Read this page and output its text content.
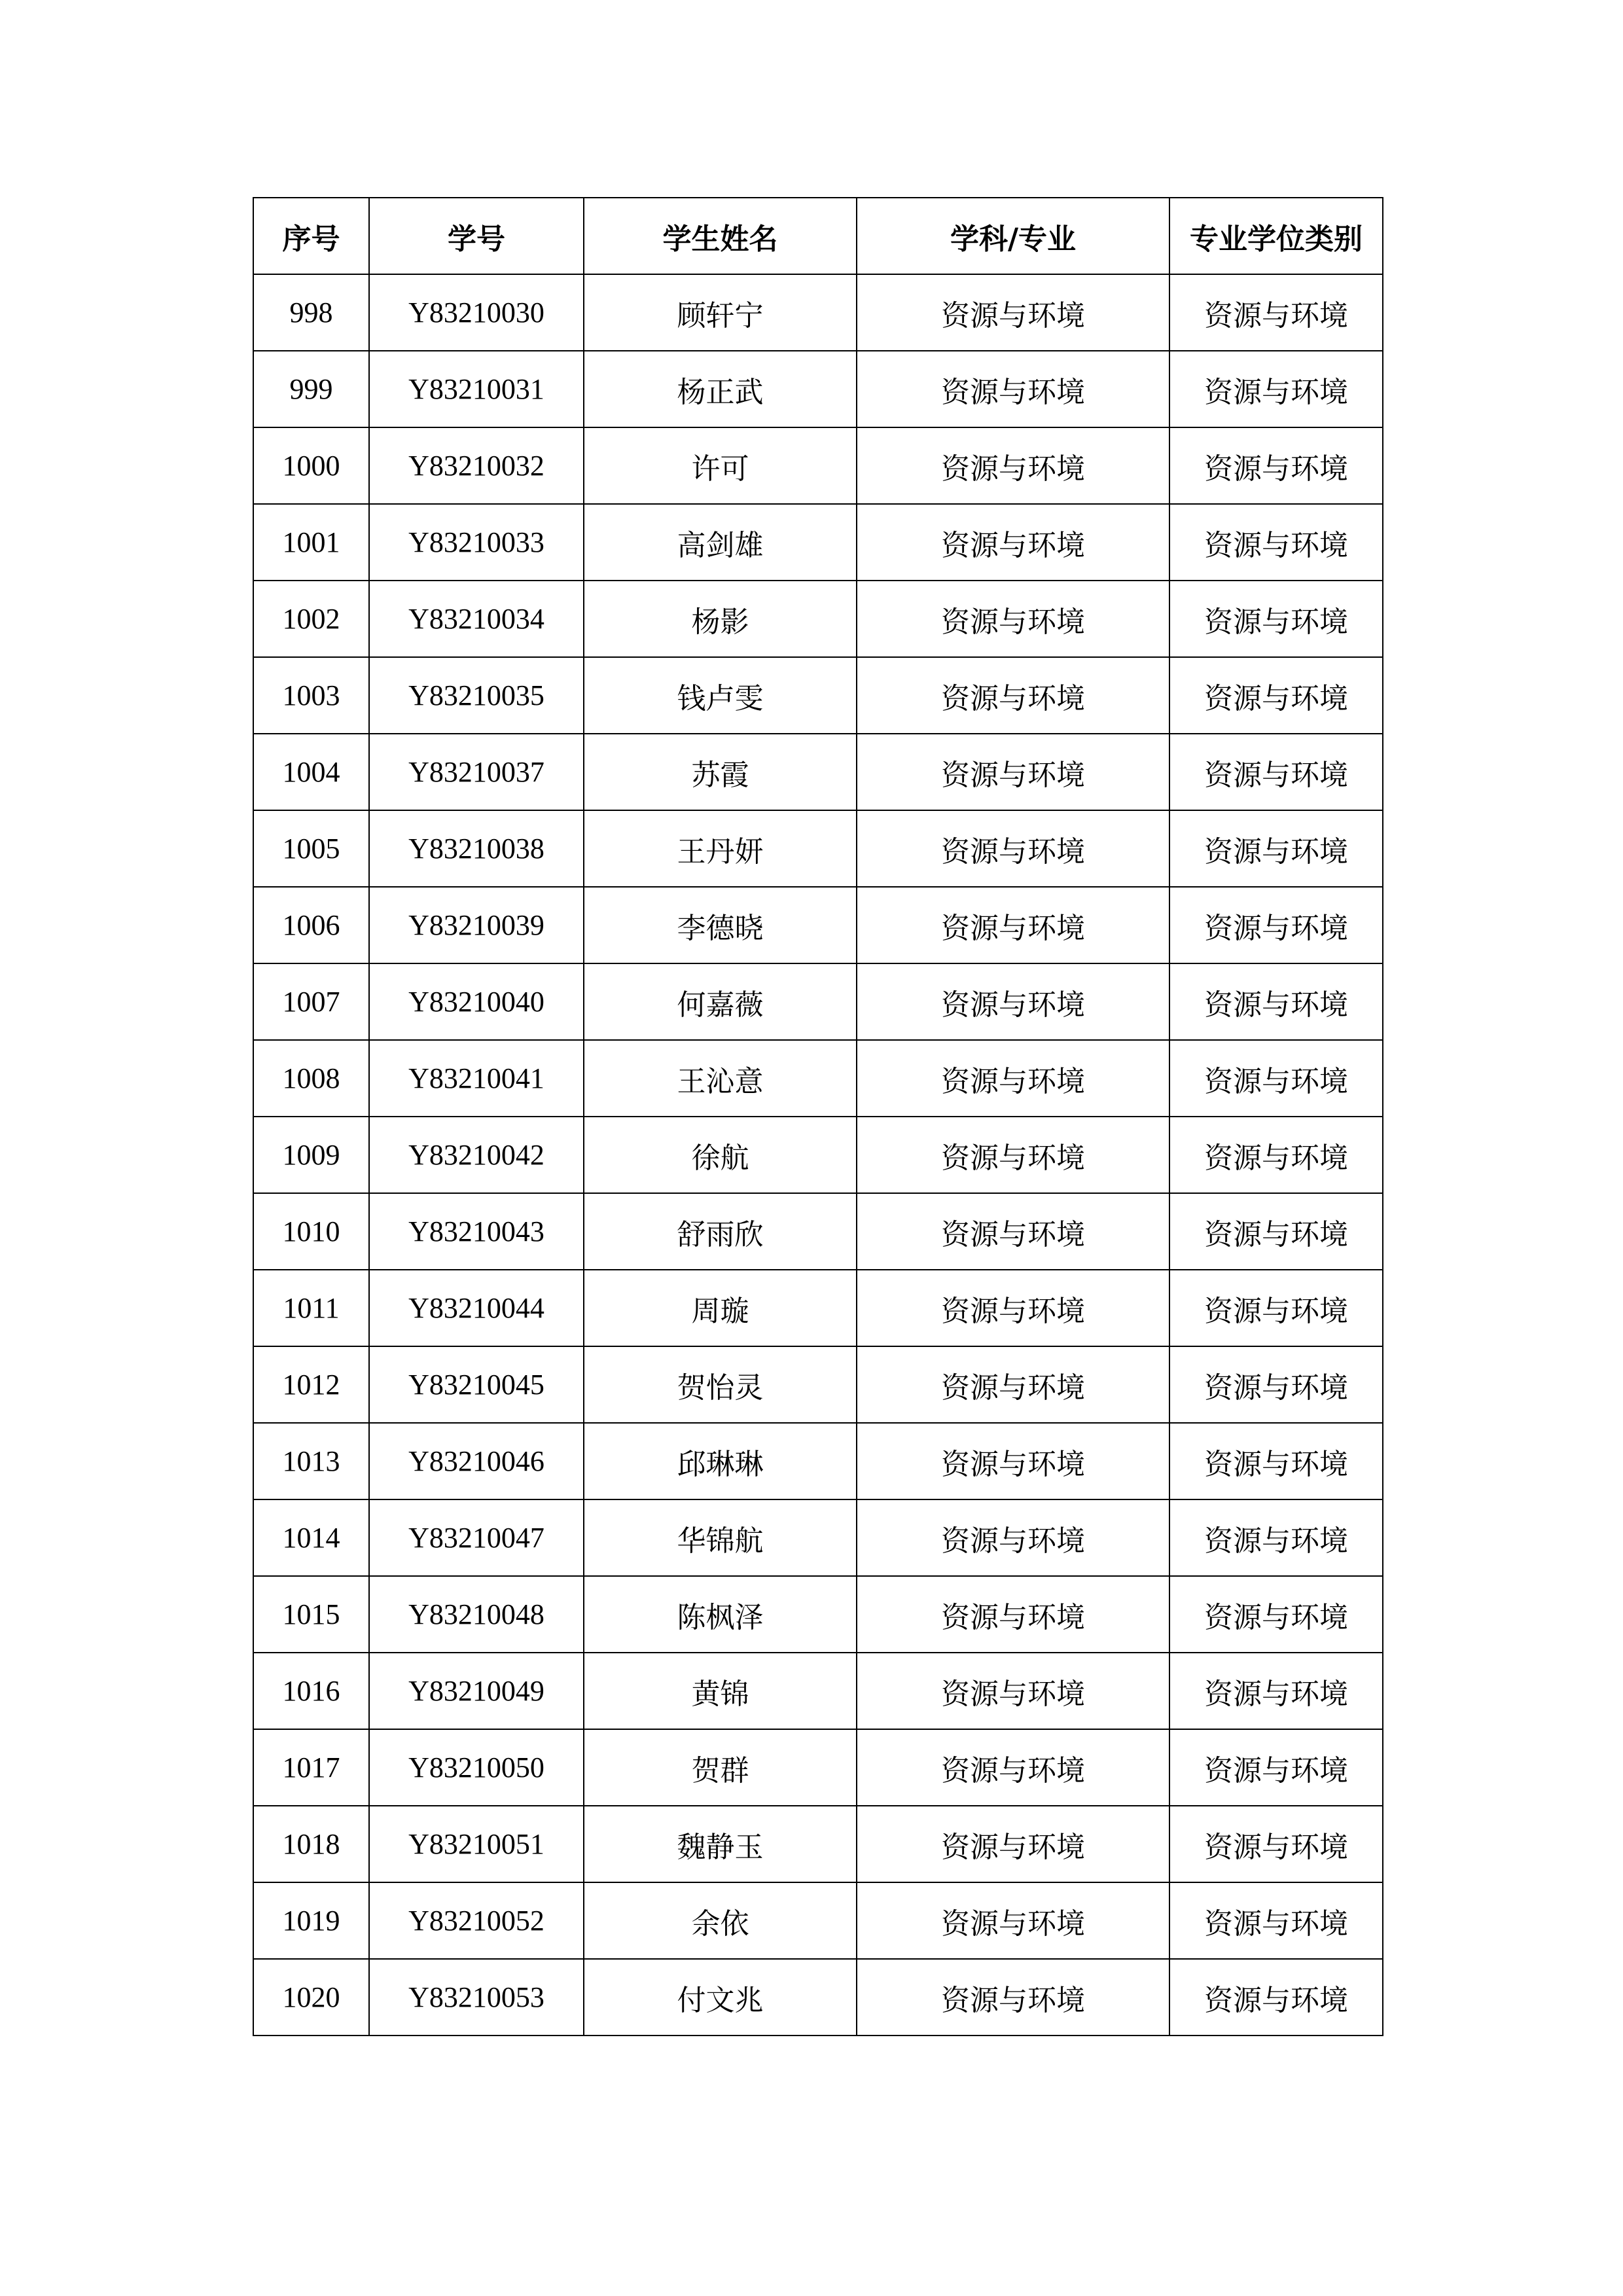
序号	学号	学生姓名	学科/专业	专业学位类别
998	Y83210030	顾轩宁	资源与环境	资源与环境
999	Y83210031	杨正武	资源与环境	资源与环境
1000	Y83210032	许可	资源与环境	资源与环境
1001	Y83210033	高剑雄	资源与环境	资源与环境
1002	Y83210034	杨影	资源与环境	资源与环境
1003	Y83210035	钱卢雯	资源与环境	资源与环境
1004	Y83210037	苏霞	资源与环境	资源与环境
1005	Y83210038	王丹妍	资源与环境	资源与环境
1006	Y83210039	李德晓	资源与环境	资源与环境
1007	Y83210040	何嘉薇	资源与环境	资源与环境
1008	Y83210041	王沁意	资源与环境	资源与环境
1009	Y83210042	徐航	资源与环境	资源与环境
1010	Y83210043	舒雨欣	资源与环境	资源与环境
1011	Y83210044	周璇	资源与环境	资源与环境
1012	Y83210045	贺怡灵	资源与环境	资源与环境
1013	Y83210046	邱琳琳	资源与环境	资源与环境
1014	Y83210047	华锦航	资源与环境	资源与环境
1015	Y83210048	陈枫泽	资源与环境	资源与环境
1016	Y83210049	黄锦	资源与环境	资源与环境
1017	Y83210050	贺群	资源与环境	资源与环境
1018	Y83210051	魏静玉	资源与环境	资源与环境
1019	Y83210052	余依	资源与环境	资源与环境
1020	Y83210053	付文兆	资源与环境	资源与环境
